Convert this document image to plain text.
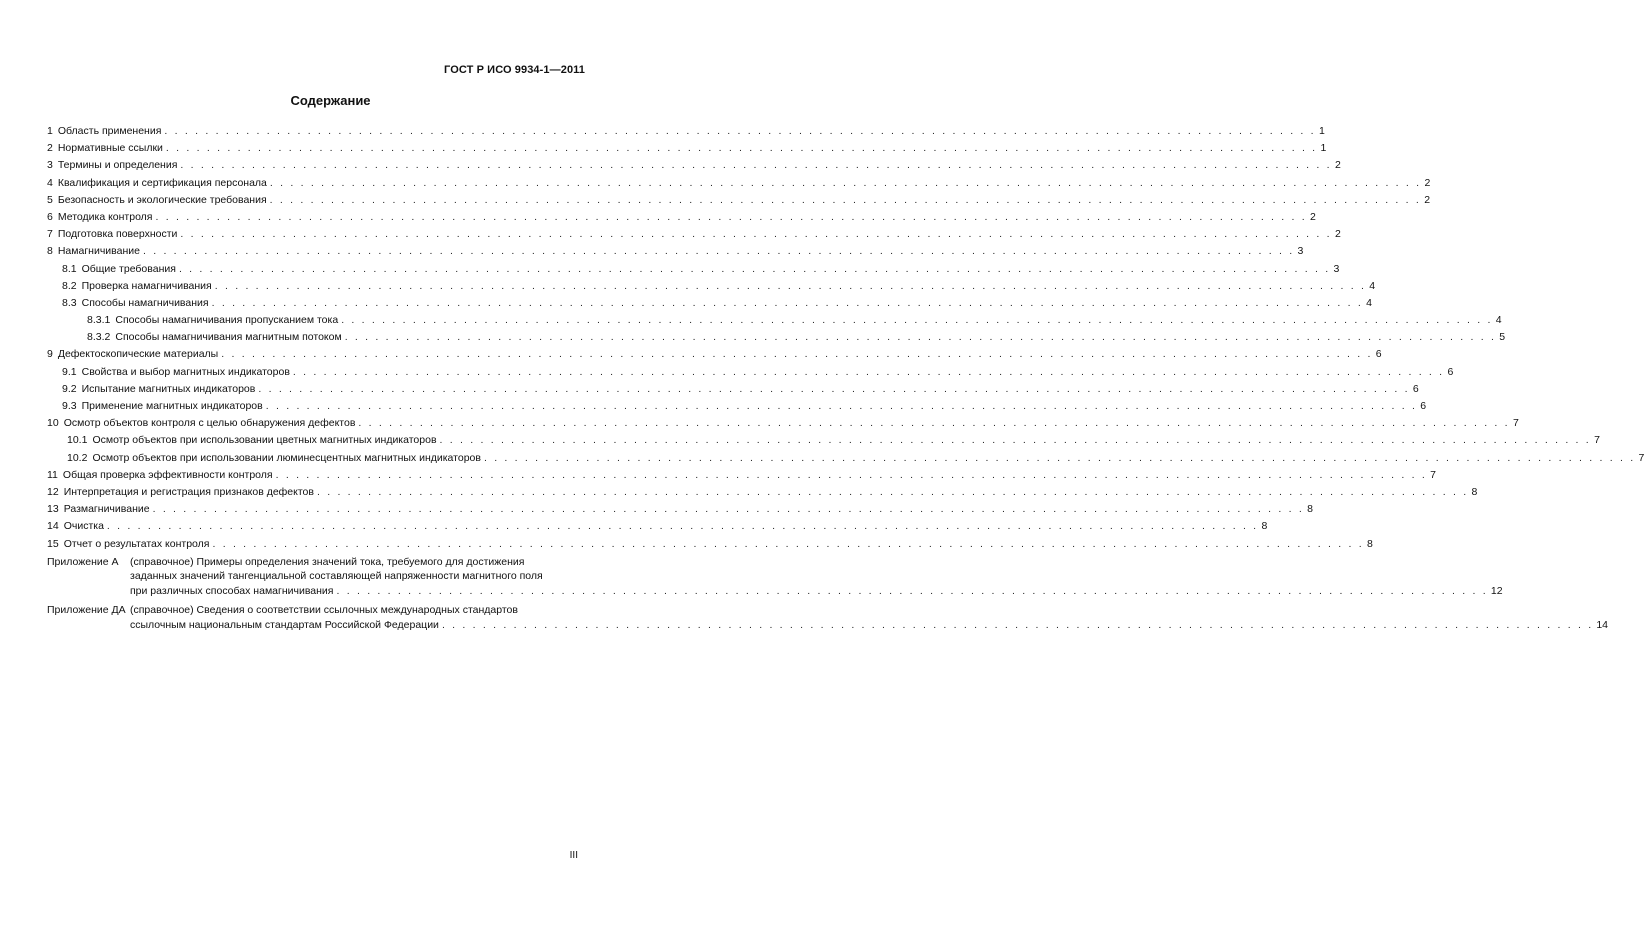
ГОСТ Р ИСО 9934-1—2011
Содержание
1 Область применения . . .	1
2 Нормативные ссылки . . .	1
3 Термины и определения . . .	2
4 Квалификация и сертификация персонала . . .	2
5 Безопасность и экологические требования . . .	2
6 Методика контроля . . .	2
7 Подготовка поверхности . . .	2
8 Намагничивание . . .	3
8.1 Общие требования . . .	3
8.2 Проверка намагничивания . . .	4
8.3 Способы намагничивания . . .	4
8.3.1 Способы намагничивания пропусканием тока . . .	4
8.3.2 Способы намагничивания магнитным потоком . . .	5
9 Дефектоскопические материалы . . .	6
9.1 Свойства и выбор магнитных индикаторов . . .	6
9.2 Испытание магнитных индикаторов . . .	6
9.3 Применение магнитных индикаторов . . .	6
10 Осмотр объектов контроля с целью обнаружения дефектов . . .	7
10.1 Осмотр объектов при использовании цветных магнитных индикаторов . . .	7
10.2 Осмотр объектов при использовании люминесцентных магнитных индикаторов . . .	7
11 Общая проверка эффективности контроля . . .	7
12 Интерпретация и регистрация признаков дефектов . . .	8
13 Размагничивание . . .	8
14 Очистка . . .	8
15 Отчет о результатах контроля . . .	8
Приложение А	(справочное) Примеры определения значений тока, требуемого для достижения
заданных значений тангенциальной составляющей напряженности магнитного поля
при различных способах намагничивания . . .	12
Приложение ДА (справочное) Сведения о соответствии ссылочных международных стандартов
ссылочным национальным стандартам Российской Федерации . . .	14
III
